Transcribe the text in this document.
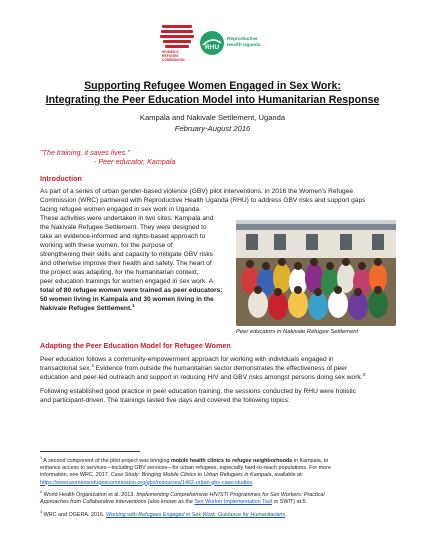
WOMEN'S REFUGEE COMMISSION
RHU
Reproductive
Health Uganda
Supporting Refugee Women Engaged in Sex Work:
Integrating the Peer Education Model into Humanitarian Response
Kampala and Nakivale Settlement, Uganda
February-August 2016
"The training, it saves lives."
- Peer educator, Kampala
Introduction
As part of a series of urban gender-based violence (GBV) pilot interventions, in 2016 the Women's Refugee
Commission (WRC) partnered with Reproductive Health Uganda (RHU) to address GBV risks and support gaps
facing refugee women engaged in sex work in Uganda.
These activities were undertaken in two sites: Kampala and
the Nakivale Refugee Settlement. They were designed to
take an evidence-informed and rights-based approach to
working with these women, for the purpose of
strengthening their skills and capacity to mitigate GBV risks
and otherwise improve their health and safety. The heart of
the project was adapting, for the humanitarian context,
peer education trainings for women engaged in sex work. A
total of 80 refugee women were trained as peer educators:
50 women living in Kampala and 30 women living in the
Nakivale Refugee Settlement.$^1$
Peer educators in Nakivale Refugee Settlement
Adapting the Peer Education Model for Refugee Women
Peer education follows a community-empowerment approach for working with individuals engaged in
transactional sex.$^2$ Evidence from outside the humanitarian sector demonstrates the effectiveness of peer
education and peer-led outreach and support in reducing HIV and GBV risks amongst persons doing sex work.$^3$
Following established good practice in peer education training, the sessions conducted by RHU were holistic
and participant-driven. The trainings lasted five days and covered the following topics:
$^1$ A second component of the pilot project was bringing mobile health clinics to refugee neighborhoods in Kampala, to
enhance access to services—including GBV services—for urban refugees, especially hard-to-reach populations. For more
information, see WRC. 2017. Case Study: Bringing Mobile Clinics to Urban Refugees in Kampala, available at:
https://www.womensrefugeecommission.org/gbv/resources/1462-urban-gbv-case-studies.
$^2$ World Health Organization et al. 2013. Implementing Comprehensive HIV/STI Programmes for Sex Workers: Practical
Approaches from Collaborative Interventions (also known as the Sex Worker Implementation Tool or SWIT) at 5.
$^3$ WRC and OGERA. 2016. Working with Refugees Engaged in Sex Work: Guidance for Humanitarians.
